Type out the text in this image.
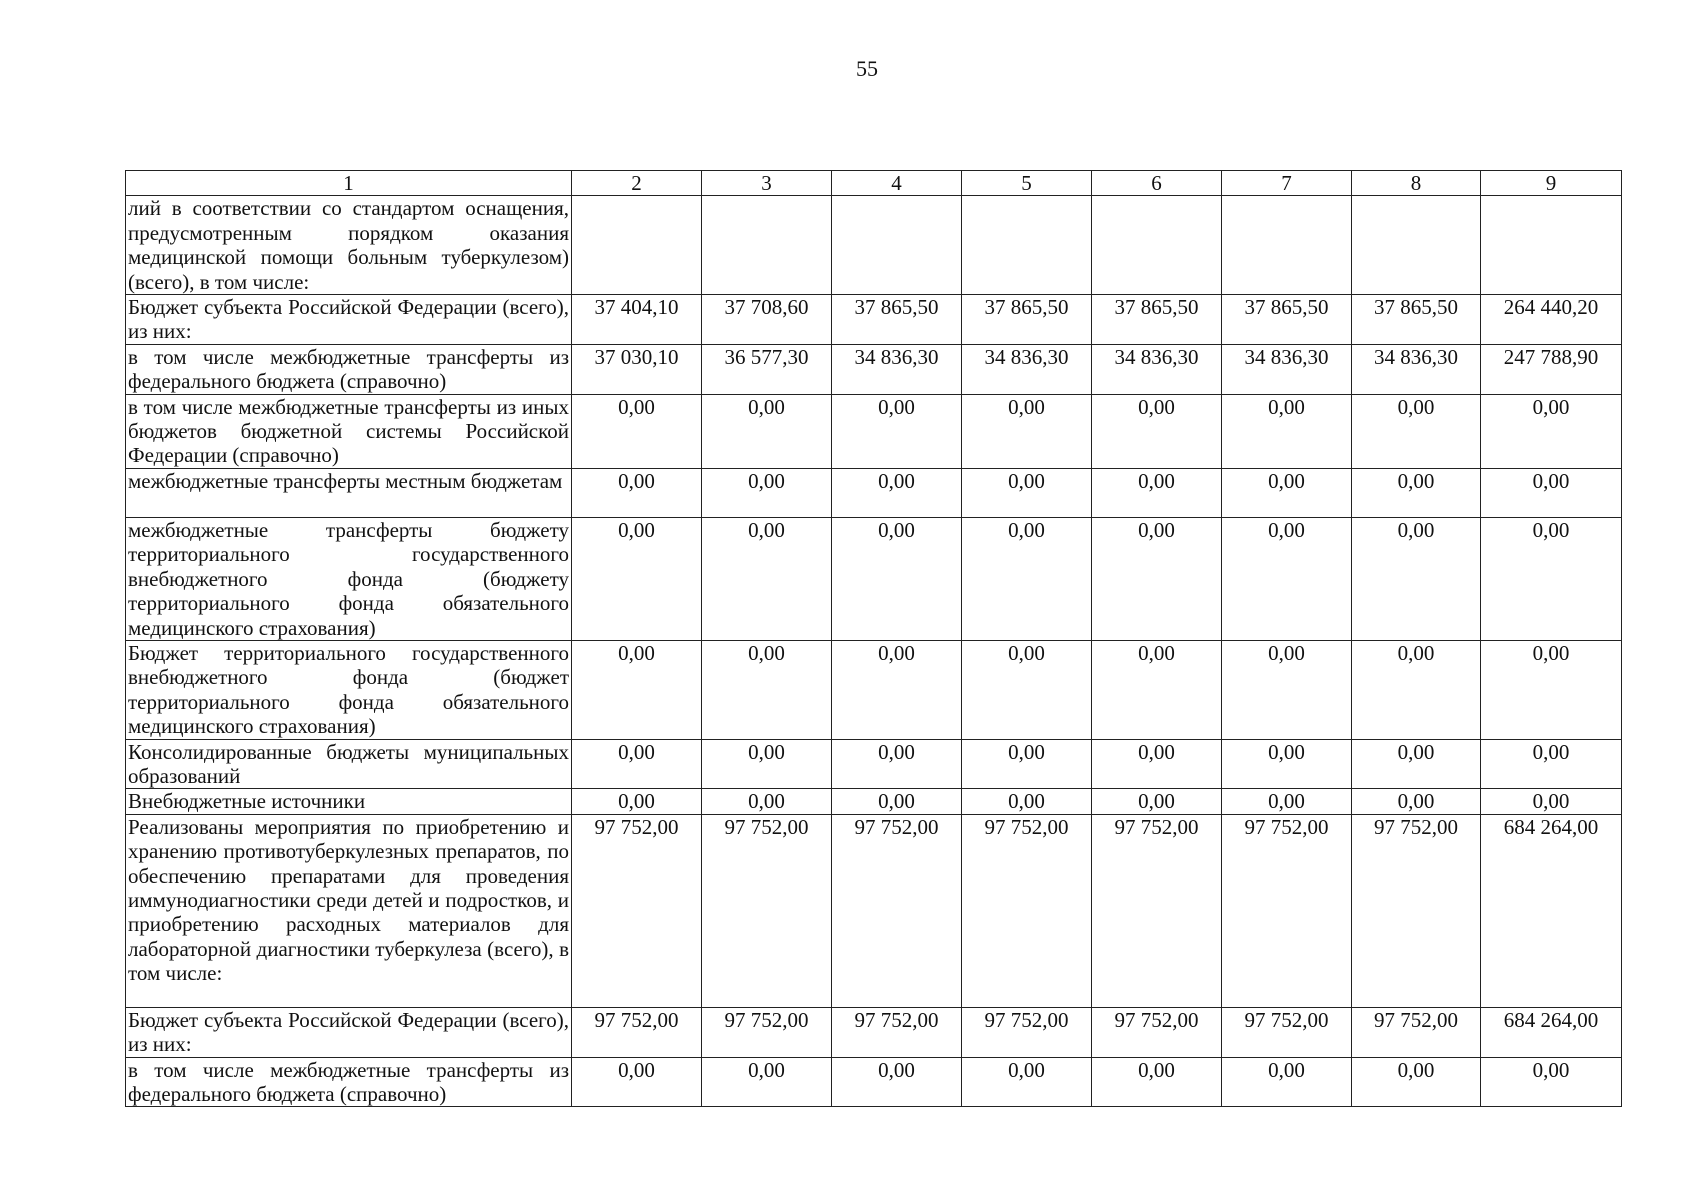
55
1	2	3	4	5	6	7	8	9
лий в соответствии со стандартом оснащения, предусмотренным порядком оказания медицинской помощи больным туберкулезом) (всего), в том числе:								
Бюджет субъекта Российской Федерации (всего), из них:	37 404,10	37 708,60	37 865,50	37 865,50	37 865,50	37 865,50	37 865,50	264 440,20
в том числе межбюджетные трансферты из федерального бюджета (справочно)	37 030,10	36 577,30	34 836,30	34 836,30	34 836,30	34 836,30	34 836,30	247 788,90
в том числе межбюджетные трансферты из иных бюджетов бюджетной системы Российской Федерации (справочно)	0,00	0,00	0,00	0,00	0,00	0,00	0,00	0,00
межбюджетные трансферты местным бюджетам	0,00	0,00	0,00	0,00	0,00	0,00	0,00	0,00
межбюджетные трансферты бюджету территориального государственного внебюджетного фонда (бюджету территориального фонда обязательного медицинского страхования)	0,00	0,00	0,00	0,00	0,00	0,00	0,00	0,00
Бюджет территориального государственного внебюджетного фонда (бюджет территориального фонда обязательного медицинского страхования)	0,00	0,00	0,00	0,00	0,00	0,00	0,00	0,00
Консолидированные бюджеты муниципальных образований	0,00	0,00	0,00	0,00	0,00	0,00	0,00	0,00
Внебюджетные источники	0,00	0,00	0,00	0,00	0,00	0,00	0,00	0,00
Реализованы мероприятия по приобретению и хранению противотуберкулезных препаратов, по обеспечению препаратами для проведения иммунодиагностики среди детей и подростков, и приобретению расходных материалов для лабораторной диагностики туберкулеза (всего), в том числе:	97 752,00	97 752,00	97 752,00	97 752,00	97 752,00	97 752,00	97 752,00	684 264,00
Бюджет субъекта Российской Федерации (всего), из них:	97 752,00	97 752,00	97 752,00	97 752,00	97 752,00	97 752,00	97 752,00	684 264,00
в том числе межбюджетные трансферты из федерального бюджета (справочно)	0,00	0,00	0,00	0,00	0,00	0,00	0,00	0,00
